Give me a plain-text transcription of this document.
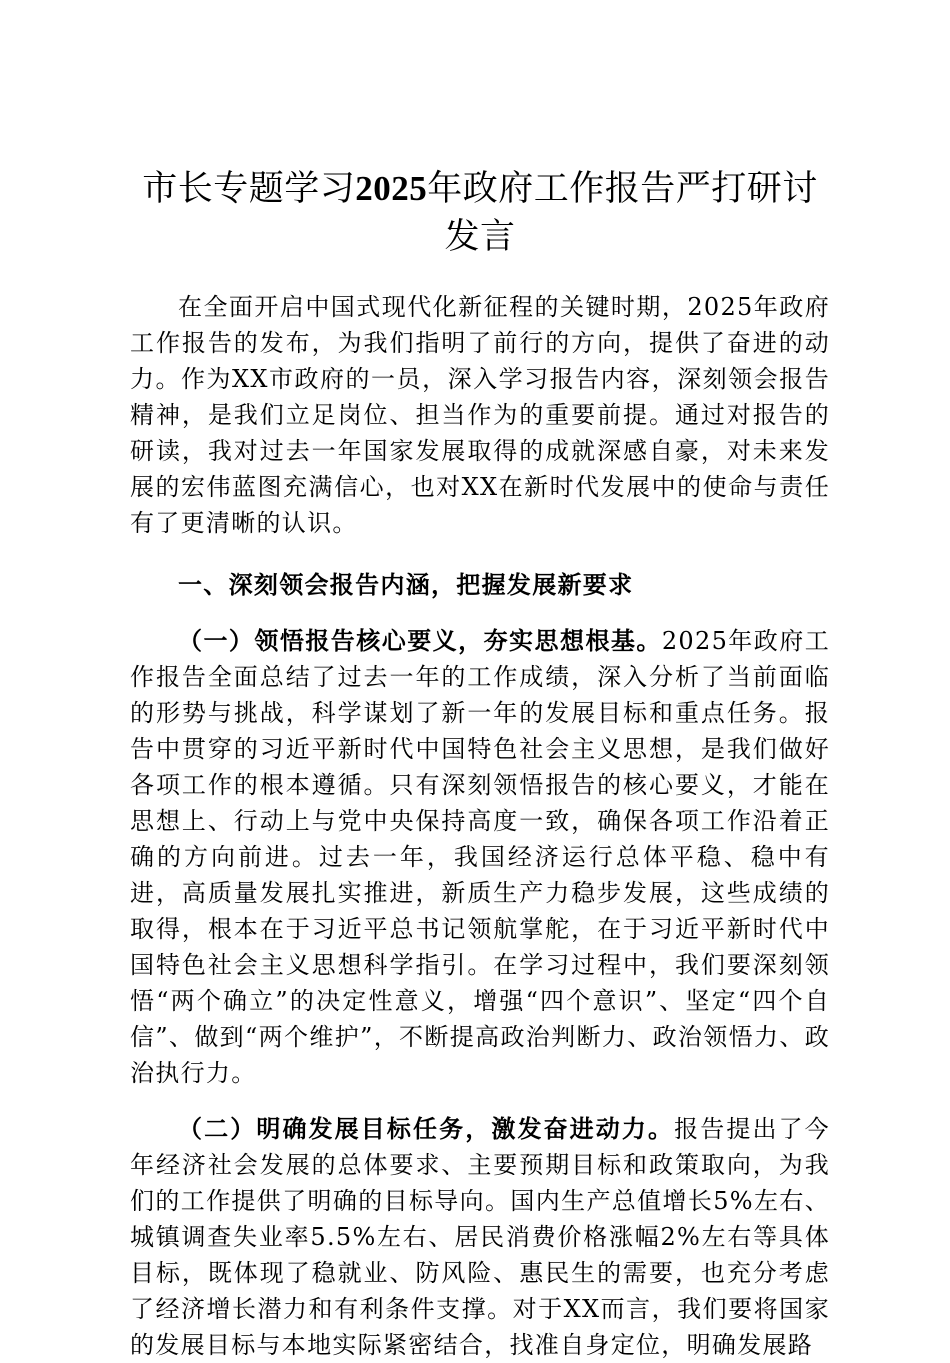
市长专题学习2025年政府工作报告严打研讨发言

在全面开启中国式现代化新征程的关键时期，2025年政府工作报告的发布，为我们指明了前行的方向，提供了奋进的动力。作为XX市政府的一员，深入学习报告内容，深刻领会报告精神，是我们立足岗位、担当作为的重要前提。通过对报告的研读，我对过去一年国家发展取得的成就深感自豪，对未来发展的宏伟蓝图充满信心，也对XX在新时代发展中的使命与责任有了更清晰的认识。

一、深刻领会报告内涵，把握发展新要求

（一）领悟报告核心要义，夯实思想根基。2025年政府工作报告全面总结了过去一年的工作成绩，深入分析了当前面临的形势与挑战，科学谋划了新一年的发展目标和重点任务。报告中贯穿的习近平新时代中国特色社会主义思想，是我们做好各项工作的根本遵循。只有深刻领悟报告的核心要义，才能在思想上、行动上与党中央保持高度一致，确保各项工作沿着正确的方向前进。过去一年，我国经济运行总体平稳、稳中有进，高质量发展扎实推进，新质生产力稳步发展，这些成绩的取得，根本在于习近平总书记领航掌舵，在于习近平新时代中国特色社会主义思想科学指引。在学习过程中，我们要深刻领悟“两个确立”的决定性意义，增强“四个意识”、坚定“四个自信”、做到“两个维护”，不断提高政治判断力、政治领悟力、政治执行力。

（二）明确发展目标任务，激发奋进动力。报告提出了今年经济社会发展的总体要求、主要预期目标和政策取向，为我们的工作提供了明确的目标导向。国内生产总值增长5%左右、城镇调查失业率5.5%左右、居民消费价格涨幅2%左右等具体目标，既体现了稳就业、防风险、惠民生的需要，也充分考虑了经济增长潜力和有利条件支撑。对于XX而言，我们要将国家的发展目标与本地实际紧密结合，找准自身定位，明确发展路
